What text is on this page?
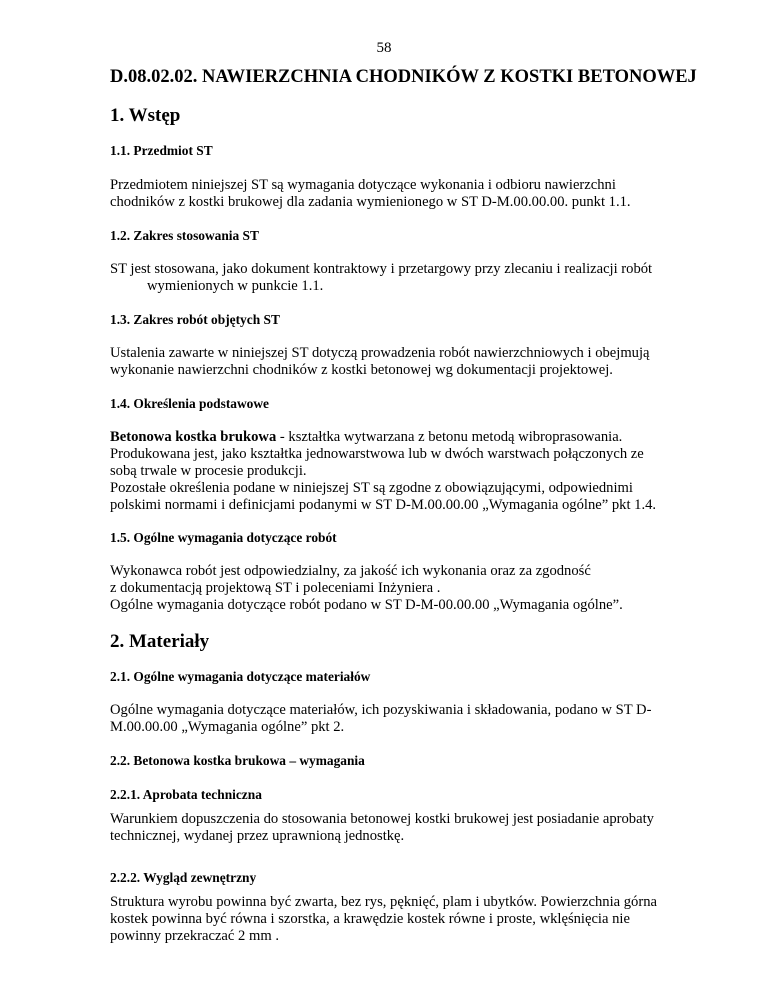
58

D.08.02.02. NAWIERZCHNIA CHODNIKÓW Z KOSTKI BETONOWEJ

1. Wstęp

1.1. Przedmiot ST

Przedmiotem niniejszej ST są wymagania dotyczące wykonania i odbioru nawierzchni

chodników z kostki brukowej dla zadania wymienionego w ST D-M.00.00.00. punkt 1.1.

1.2. Zakres stosowania ST

ST jest stosowana, jako dokument kontraktowy i przetargowy przy zlecaniu i realizacji robót

wymienionych w punkcie 1.1.

1.3. Zakres robót objętych ST

Ustalenia zawarte w niniejszej ST dotyczą prowadzenia robót nawierzchniowych i obejmują

wykonanie nawierzchni chodników z kostki betonowej wg dokumentacji projektowej.

1.4. Określenia podstawowe

Betonowa kostka brukowa - kształtka wytwarzana z betonu metodą wibroprasowania.

Produkowana jest, jako kształtka jednowarstwowa lub w dwóch warstwach połączonych ze

sobą trwale w procesie produkcji.

Pozostałe określenia podane w niniejszej ST są zgodne z obowiązującymi, odpowiednimi

polskimi normami i definicjami podanymi w ST D-M.00.00.00 „Wymagania ogólne” pkt 1.4.

1.5. Ogólne wymagania dotyczące robót

Wykonawca robót jest odpowiedzialny, za jakość ich wykonania oraz za zgodność

z dokumentacją projektową ST i poleceniami Inżyniera .

Ogólne wymagania dotyczące robót podano w ST D-M-00.00.00 „Wymagania ogólne”.

2. Materiały

2.1. Ogólne wymagania dotyczące materiałów

Ogólne wymagania dotyczące materiałów, ich pozyskiwania i składowania, podano w ST D-

M.00.00.00 „Wymagania ogólne” pkt 2.

2.2. Betonowa kostka brukowa – wymagania

2.2.1. Aprobata techniczna

Warunkiem dopuszczenia do stosowania betonowej kostki brukowej jest posiadanie aprobaty

technicznej, wydanej przez uprawnioną jednostkę.

2.2.2. Wygląd zewnętrzny

Struktura wyrobu powinna być zwarta, bez rys, pęknięć, plam i ubytków. Powierzchnia górna

kostek powinna być równa i szorstka, a krawędzie kostek równe i proste, wklęśnięcia nie

powinny przekraczać 2 mm .
